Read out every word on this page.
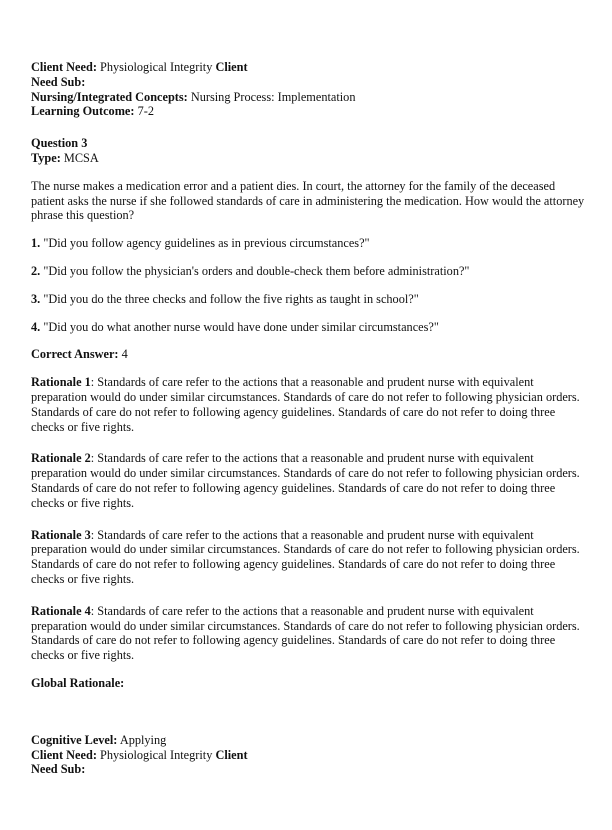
Client Need: Physiological Integrity Client
Need Sub:
Nursing/Integrated Concepts: Nursing Process: Implementation
Learning Outcome: 7-2
Question 3
Type: MCSA
The nurse makes a medication error and a patient dies. In court, the attorney for the family of the deceased patient asks the nurse if she followed standards of care in administering the medication. How would the attorney phrase this question?
1. "Did you follow agency guidelines as in previous circumstances?"
2. "Did you follow the physician's orders and double-check them before administration?"
3. "Did you do the three checks and follow the five rights as taught in school?"
4. "Did you do what another nurse would have done under similar circumstances?"
Correct Answer: 4
Rationale 1: Standards of care refer to the actions that a reasonable and prudent nurse with equivalent preparation would do under similar circumstances. Standards of care do not refer to following physician orders. Standards of care do not refer to following agency guidelines. Standards of care do not refer to doing three checks or five rights.
Rationale 2: Standards of care refer to the actions that a reasonable and prudent nurse with equivalent preparation would do under similar circumstances. Standards of care do not refer to following physician orders. Standards of care do not refer to following agency guidelines. Standards of care do not refer to doing three checks or five rights.
Rationale 3: Standards of care refer to the actions that a reasonable and prudent nurse with equivalent preparation would do under similar circumstances. Standards of care do not refer to following physician orders. Standards of care do not refer to following agency guidelines. Standards of care do not refer to doing three checks or five rights.
Rationale 4: Standards of care refer to the actions that a reasonable and prudent nurse with equivalent preparation would do under similar circumstances. Standards of care do not refer to following physician orders. Standards of care do not refer to following agency guidelines. Standards of care do not refer to doing three checks or five rights.
Global Rationale:
Cognitive Level: Applying
Client Need: Physiological Integrity Client
Need Sub:
